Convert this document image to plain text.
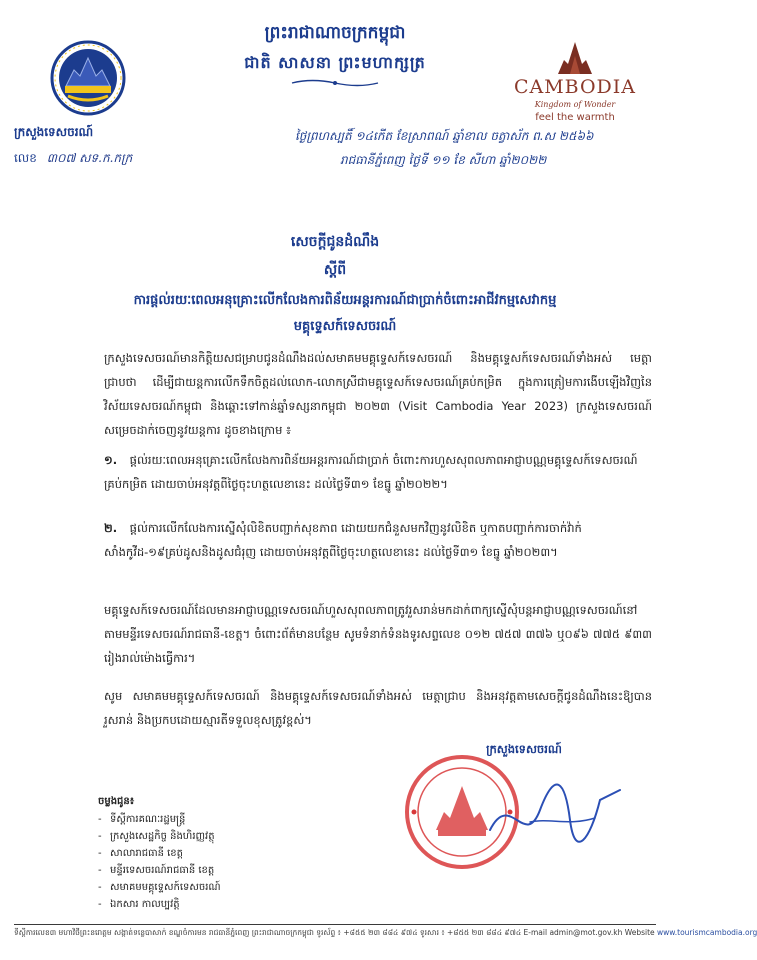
ព្រះរាជាណាចក្រកម្ពុជា
ជាតិ សាសនា ព្រះមហាក្សត្រ
ក្រសួងទេសចរណ៍
លេខ ៣០៧ សទ.ក.កក្រ
CAMBODIA
Kingdom of Wonder
feel the warmth
ថ្ងៃព្រហស្បតិ៍ ១៤កើត ខែស្រាពណ៍ ឆ្នាំខាល ចត្វាស័ក ព.ស ២៥៦៦
រាជធានីភ្នំពេញ ថ្ងៃទី ១១ ខែ សីហា ឆ្នាំ២០២២
សេចក្តីជូនដំណឹង
ស្តីពី
ការផ្តល់រយៈពេលអនុគ្រោះលើកលែងការពិន័យអន្តរការណ៍ជាប្រាក់ចំពោះអាជីវកម្មសេវាកម្ម មគ្គុទ្ទេសក៍ទេសចរណ៍
ក្រសួងទេសចរណ៍មានកិត្តិយសជម្រាបជូនដំណឹងដល់សមាគមមគ្គុទ្ទេសក៍ទេសចរណ៍ និងមគ្គុទ្ទេសក៍ទេសចរណ៍ទាំងអស់ មេត្តាជ្រាបថា ដើម្បីជាយន្តការលើកទឹកចិត្តដល់លោក-លោកស្រីជាមគ្គុទ្ទេសក៍ទេសចរណ៍គ្រប់កម្រិត ក្នុងការត្រៀមការងើបឡើងវិញនៃវិស័យទេសចរណ៍កម្ពុជា និងឆ្ពោះទៅកាន់ឆ្នាំទស្សនាកម្ពុជា ២០២៣ (Visit Cambodia Year 2023) ក្រសួងទេសចរណ៍សម្រេចដាក់ចេញនូវយន្តការ ដូចខាងក្រោម ៖
១. ផ្តល់រយៈពេលអនុគ្រោះលើកលែងការពិន័យអន្តរការណ៍ជាប្រាក់ ចំពោះការហួសសុពលភាពអាជ្ញាបណ្ណមគ្គុទ្ទេសក៍ទេសចរណ៍គ្រប់កម្រិត ដោយចាប់អនុវត្តពីថ្ងៃចុះហត្ថលេខានេះ ដល់ថ្ងៃទី៣១ ខែធ្នូ ឆ្នាំ២០២២។
២. ផ្តល់ការលើកលែងការស្នើសុំលិខិតបញ្ជាក់សុខភាព ដោយយកជំនួសមកវិញនូវលិខិត ឬកាតបញ្ជាក់ការចាក់វ៉ាក់សាំងកូវីដ-១៩គ្រប់ដូសនិងដូសជំរុញ ដោយចាប់អនុវត្តពីថ្ងៃចុះហត្ថលេខានេះ ដល់ថ្ងៃទី៣១ ខែធ្នូ ឆ្នាំ២០២៣។
មគ្គុទ្ទេសក៍ទេសចរណ៍ដែលមានអាជ្ញាបណ្ណទេសចរណ៍ហួសសុពលភាពត្រូវរួសរាន់មកដាក់ពាក្យស្នើសុំបន្តអាជ្ញាបណ្ណទេសចរណ៍នៅតាមមន្ទីរទេសចរណ៍រាជធានី-ខេត្ត។ ចំពោះព័ត៌មានបន្ថែម សូមទំនាក់ទំនងទូរសព្ទលេខ ០១២ ៧៥៧ ៣៧៦ ឬ០៩៦ ៧៧៥ ៩៣៣ រៀងរាល់ម៉ោងធ្វើការ។
សូម សមាគមមគ្គុទ្ទេសក៍ទេសចរណ៍ និងមគ្គុទ្ទេសក៍ទេសចរណ៍ទាំងអស់ មេត្តាជ្រាប និងអនុវត្តតាមសេចក្តីជូនដំណឹងនេះឱ្យបានរួសរាន់ និងប្រកបដោយស្មារតីទទួលខុសត្រូវខ្ពស់។
ក្រសួងទេសចរណ៍
ចម្លងជូន៖
- ទីស្តីការគណៈរដ្ឋមន្ត្រី
- ក្រសួងសេដ្ឋកិច្ច និងហិរញ្ញវត្ថុ
- សាលារាជធានី ខេត្ត
- មន្ទីរទេសចរណ៍រាជធានី ខេត្ត
- សមាគមមគ្គុទ្ទេសក៍ទេសចរណ៍
- ឯកសារ កាលប្បវត្តិ
ទីស្តីការលេខ៣ មហាវិថីព្រះនរោត្តម សង្កាត់ទន្លេបាសាក់ ខណ្ឌចំការមន រាជធានីភ្នំពេញ ព្រះរាជាណាចក្រកម្ពុជា ទូរស័ព្ទ ៖ +៨៥៥ ២៣ ៨៨៤ ៩៧៤ ទូរសារ ៖ +៨៥៥ ២៣ ៨៨៤ ៩៧៤ E-mail admin@mot.gov.kh Website www.tourismcambodia.org
